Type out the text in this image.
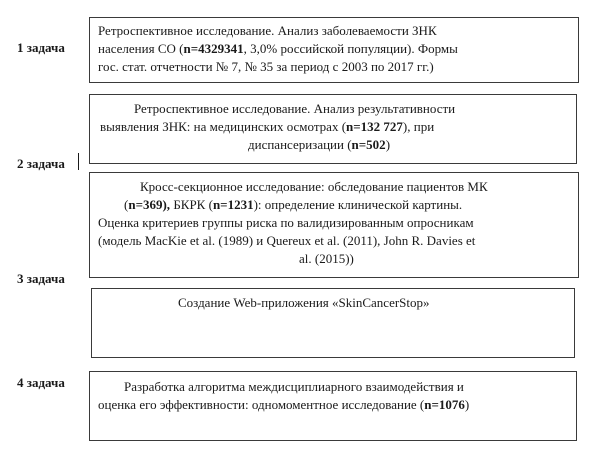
1 задача
2 задача
3 задача
4 задача
Ретроспективное исследование. Анализ заболеваемости ЗНК
населения СО (n=4329341, 3,0% российской популяции). Формы
гос. стат. отчетности № 7, № 35 за период с 2003 по 2017 гг.)
Ретроспективное исследование. Анализ результативности
выявления ЗНК: на медицинских осмотрах (n=132 727), при
диспансеризации (n=502)
Кросс-секционное исследование: обследование пациентов МК
(n=369), БКРК (n=1231): определение клинической картины.
Оценка критериев группы риска по валидизированным опросникам
(модель MacKie et al. (1989) и Quereux et al. (2011), John R. Davies et
al. (2015))
Создание Web-приложения «SkinCancerStop»
Разработка алгоритма междисциплиарного взаимодействия и
оценка его эффективности: одномоментное исследование (n=1076)
